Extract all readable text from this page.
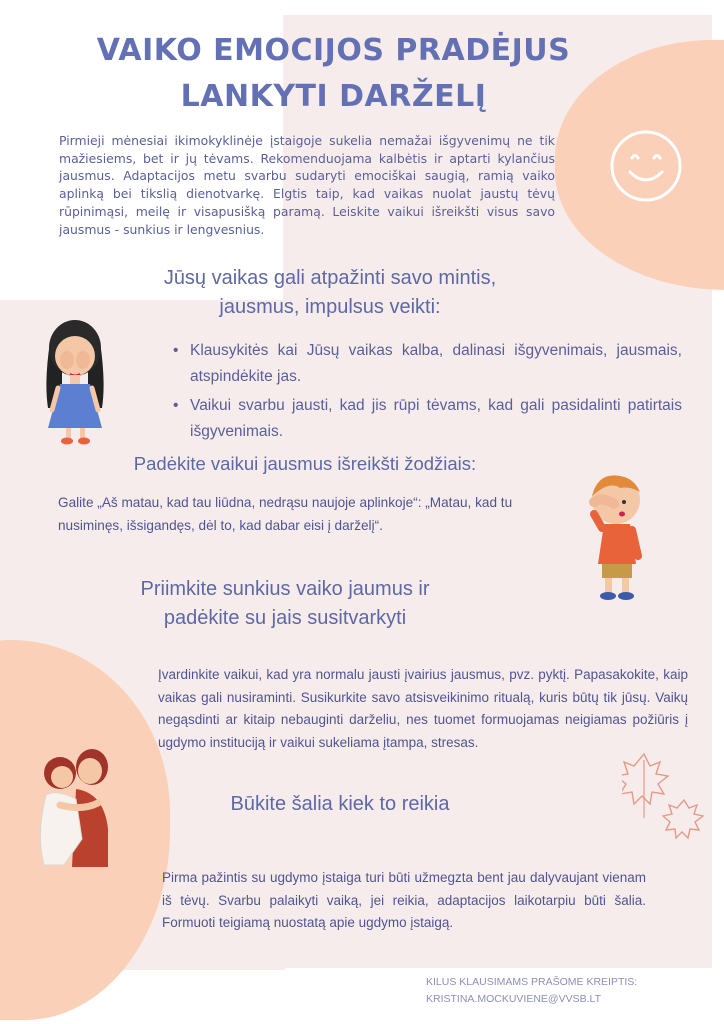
VAIKO EMOCIJOS PRADĖJUS
LANKYTI DARŽELĮ

Pirmieji mėnesiai ikimokyklinėje įstaigoje sukelia nemažai išgyvenimų ne tik mažiesiems, bet ir jų tėvams. Rekomenduojama kalbėtis ir aptarti kylančius jausmus. Adaptacijos metu svarbu sudaryti emociškai saugią, ramią vaiko aplinką bei tikslią dienotvarkę. Elgtis taip, kad vaikas nuolat jaustų tėvų rūpinimąsi, meilę ir visapusišką paramą. Leiskite vaikui išreikšti visus savo jausmus - sunkius ir lengvesnius.

Jūsų vaikas gali atpažinti savo mintis,
jausmus, impulsus veikti:
• Klausykitės kai Jūsų vaikas kalba, dalinasi išgyvenimais, jausmais, atspindėkite jas.
• Vaikui svarbu jausti, kad jis rūpi tėvams, kad gali pasidalinti patirtais išgyvenimais.
Padėkite vaikui jausmus išreikšti žodžiais:

Galite „Aš matau, kad tau liūdna, nedrąsu naujoje aplinkoje“: „Matau, kad tu
nusiminęs, išsigandęs, dėl to, kad dabar eisi į darželį“.

Priimkite sunkius vaiko jaumus ir
padėkite su jais susitvarkyti

Įvardinkite vaikui, kad yra normalu jausti įvairius jausmus, pvz. pyktį. Papasakokite, kaip vaikas gali nusiraminti. Susikurkite savo atsisveikinimo ritualą, kuris būtų tik jūsų. Vaikų negąsdinti ar kitaip nebauginti darželiu, nes tuomet formuojamas neigiamas požiūris į ugdymo instituciją ir vaikui sukeliama įtampa, stresas.

Būkite šalia kiek to reikia

Pirma pažintis su ugdymo įstaiga turi būti užmegzta bent jau dalyvaujant vienam iš tėvų. Svarbu palaikyti vaiką, jei reikia, adaptacijos laikotarpiu būti šalia. Formuoti teigiamą nuostatą apie ugdymo įstaigą.

KILUS KLAUSIMAMS PRAŠOME KREIPTIS:
KRISTINA.MOCKUVIENE@VVSB.LT
